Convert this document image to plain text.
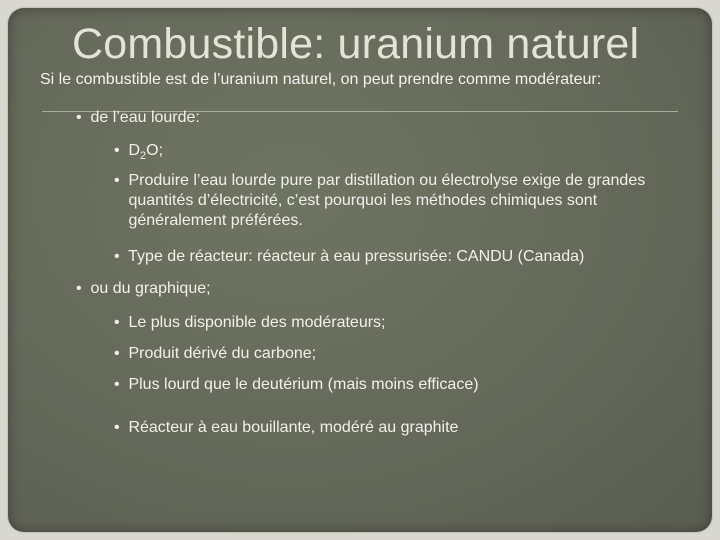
Combustible: uranium naturel
Si le combustible est de l’uranium naturel, on peut prendre comme modérateur:
• de l’eau lourde:
• $D_2O$;
• Produire l’eau lourde pure par distillation ou électrolyse exige de grandes quantités d’électricité, c’est pourquoi les méthodes chimiques sont généralement préférées.
• Type de réacteur: réacteur à eau pressurisée: CANDU (Canada)
• ou du graphique;
• Le plus disponible des modérateurs;
• Produit dérivé du carbone;
• Plus lourd que le deutérium (mais moins efficace)
• Réacteur à eau bouillante, modéré au graphite
